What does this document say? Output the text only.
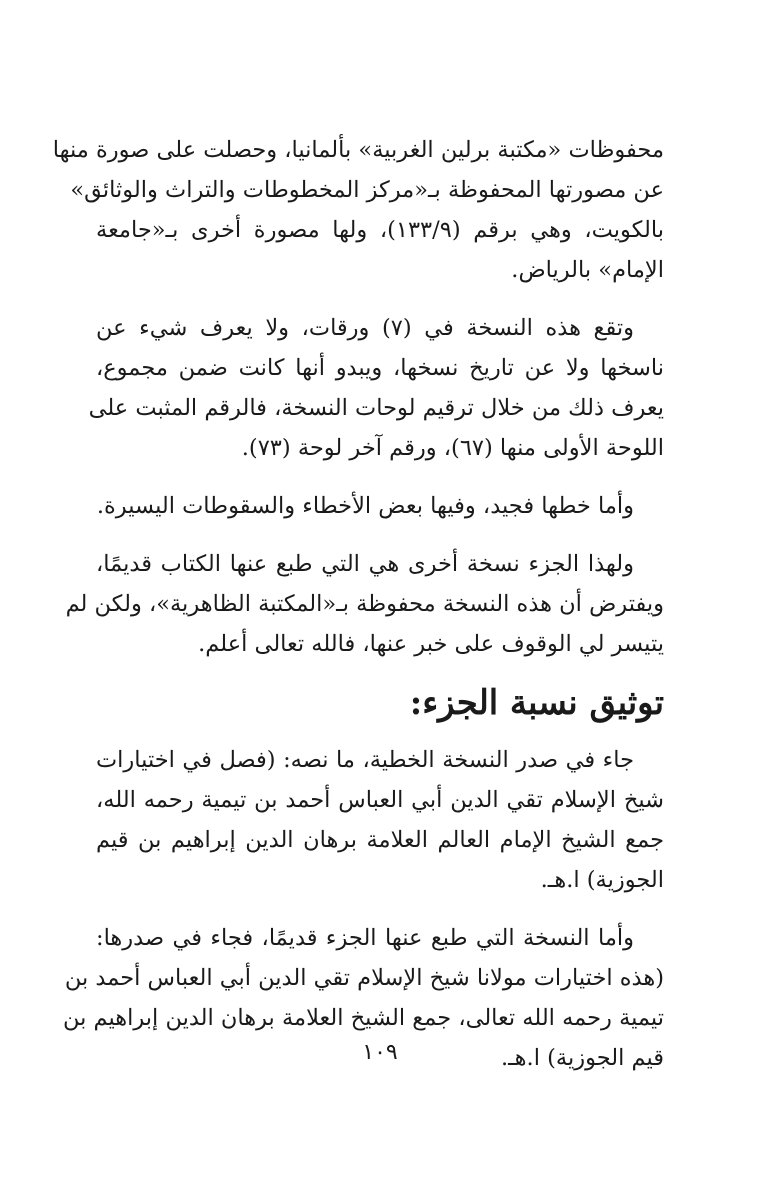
محفوظات «مكتبة برلين الغربية» بألمانيا، وحصلت على صورة منها
عن مصورتها المحفوظة بـ«مركز المخطوطات والتراث والوثائق»
بالكويت، وهي برقم (١٣٣/٩)، ولها مصورة أخرى بـ«جامعة
الإمام» بالرياض.

وتقع هذه النسخة في (٧) ورقات، ولا يعرف شيء عن
ناسخها ولا عن تاريخ نسخها، ويبدو أنها كانت ضمن مجموع،
يعرف ذلك من خلال ترقيم لوحات النسخة، فالرقم المثبت على
اللوحة الأولى منها (٦٧)، ورقم آخر لوحة (٧٣).

وأما خطها فجيد، وفيها بعض الأخطاء والسقوطات اليسيرة.

ولهذا الجزء نسخة أخرى هي التي طبع عنها الكتاب قديمًا،
ويفترض أن هذه النسخة محفوظة بـ«المكتبة الظاهرية»، ولكن لم
يتيسر لي الوقوف على خبر عنها، فالله تعالى أعلم.

توثيق نسبة الجزء:

جاء في صدر النسخة الخطية، ما نصه: (فصل في اختيارات
شيخ الإسلام تقي الدين أبي العباس أحمد بن تيمية رحمه الله،
جمع الشيخ الإمام العالم العلامة برهان الدين إبراهيم بن قيم
الجوزية) ا.هـ.

وأما النسخة التي طبع عنها الجزء قديمًا، فجاء في صدرها:
(هذه اختيارات مولانا شيخ الإسلام تقي الدين أبي العباس أحمد بن
تيمية رحمه الله تعالى، جمع الشيخ العلامة برهان الدين إبراهيم بن
قيم الجوزية) ا.هـ.

١٠٩
